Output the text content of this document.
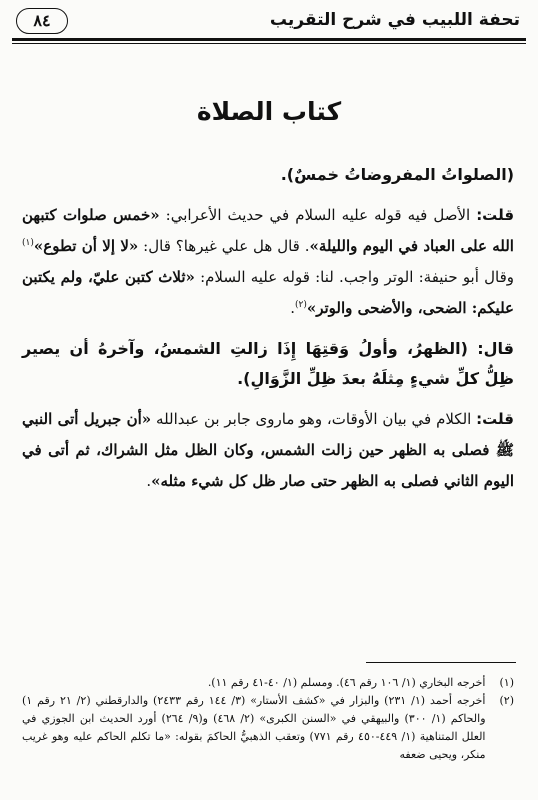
تحفة اللبيب في شرح التقريب
٨٤
كتاب الصلاة

(الصلواتُ المفروضاتُ خمسٌ).

قلت: الأصل فيه قوله عليه السلام في حديث الأعرابي: «خمس صلوات كتبهن الله على العباد في اليوم والليلة». قال هل علي غيرها؟ قال: «لا إلا أن تطوع»$^{(١)}$ وقال أبو حنيفة: الوتر واجب. لنا: قوله عليه السلام: «ثلاث كتبن عليّ، ولم يكتبن عليكم: الضحى، والأضحى والوتر»$^{(٢)}$.

قال: (الظهرُ، وأولُ وَقتِهَا إِذَا زالتِ الشمسُ، وآخرهُ أن يصير ظِلُّ كلِّ شيءٍ مِثلَهُ بعدَ ظِلِّ الزَّوَالِ).

قلت: الكلام في بيان الأوقات، وهو ماروى جابر بن عبدالله «أن جبريل أتى النبي ﷺ فصلى به الظهر حين زالت الشمس، وكان الظل مثل الشراك، ثم أتى في اليوم الثاني فصلى به الظهر حتى صار ظل كل شيء مثله».

(١)
أخرجه البخاري (١/ ١٠٦ رقم ٤٦). ومسلم (١/ ٤٠-٤١ رقم ١١).
(٢)
أخرجه أحمد (١/ ٢٣١) والبزار في «كشف الأستار» (٣/ ١٤٤ رقم ٢٤٣٣) والدارقطني (٢/ ٢١ رقم ١) والحاكم (١/ ٣٠٠) والبيهقي في «السنن الكبرى» (٢/ ٤٦٨) و(٩/ ٢٦٤) أورد الحديث ابن الجوزي في العلل المتناهية (١/ ٤٤٩-٤٥٠ رقم ٧٧١) وتعقب الذهبيُّ الحاكمَ بقوله: «ما تكلم الحاكم عليه وهو غريب منكر، ويحيى ضعفه
